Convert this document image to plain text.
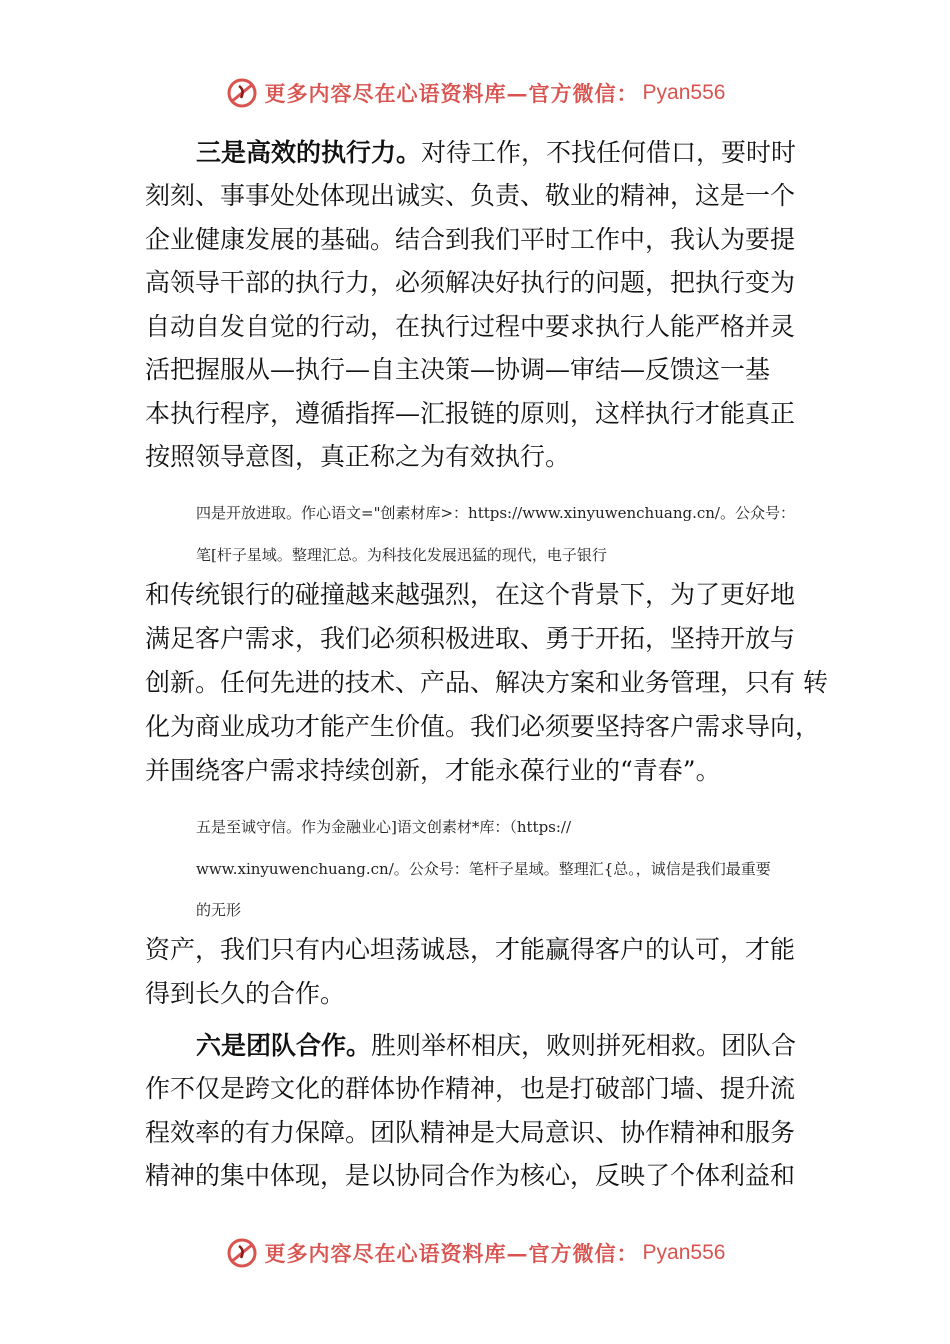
更多内容尽在心语资料库—官方微信： Pyan556
三是高效的执行力。对待工作，不找任何借口，要时时
刻刻、事事处处体现出诚实、负责、敬业的精神，这是一个
企业健康发展的基础。结合到我们平时工作中，我认为要提
高领导干部的执行力，必须解决好执行的问题，把执行变为
自动自发自觉的行动，在执行过程中要求执行人能严格并灵
活把握服从—执行—自主决策—协调—审结—反馈这一基
本执行程序，遵循指挥—汇报链的原则，这样执行才能真正
按照领导意图，真正称之为有效执行。
四是开放进取。作心语文="创素材库>：https://www.xinyuwenchuang.cn/。公众号：
笔[杆子星域。整理汇总。为科技化发展迅猛的现代，电子银行
和传统银行的碰撞越来越强烈，在这个背景下，为了更好地
满足客户需求，我们必须积极进取、勇于开拓，坚持开放与
创新。任何先进的技术、产品、解决方案和业务管理，只有 转
化为商业成功才能产生价值。我们必须要坚持客户需求导向，
并围绕客户需求持续创新，才能永葆行业的“青春”。
五是至诚守信。作为金融业心]语文创素材*库：（https://
www.xinyuwenchuang.cn/。公众号：笔杆子星域。整理汇{总。，诚信是我们最重要
的无形
资产，我们只有内心坦荡诚恳，才能赢得客户的认可，才能
得到长久的合作。
六是团队合作。胜则举杯相庆，败则拼死相救。团队合
作不仅是跨文化的群体协作精神，也是打破部门墙、提升流
程效率的有力保障。团队精神是大局意识、协作精神和服务
精神的集中体现，是以协同合作为核心，反映了个体利益和
更多内容尽在心语资料库—官方微信： Pyan556
